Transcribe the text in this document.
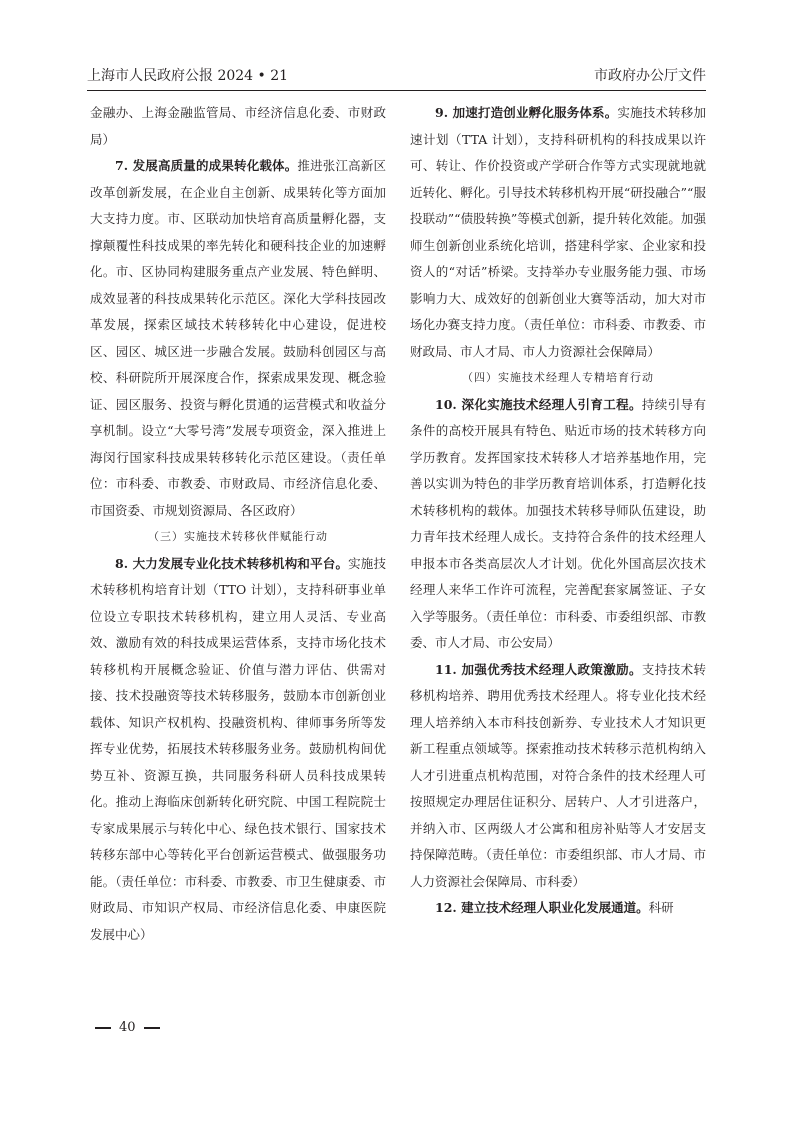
上海市人民政府公报 2024 • 21	市政府办公厅文件

金融办、上海金融监管局、市经济信息化委、市财政局）

7. 发展高质量的成果转化载体。推进张江高新区改革创新发展，在企业自主创新、成果转化等方面加大支持力度。市、区联动加快培育高质量孵化器，支撑颠覆性科技成果的率先转化和硬科技企业的加速孵化。市、区协同构建服务重点产业发展、特色鲜明、成效显著的科技成果转化示范区。深化大学科技园改革发展，探索区域技术转移转化中心建设，促进校区、园区、城区进一步融合发展。鼓励科创园区与高校、科研院所开展深度合作，探索成果发现、概念验证、园区服务、投资与孵化贯通的运营模式和收益分享机制。设立“大零号湾”发展专项资金，深入推进上海闵行国家科技成果转移转化示范区建设。（责任单位：市科委、市教委、市财政局、市经济信息化委、市国资委、市规划资源局、各区政府）

（三）实施技术转移伙伴赋能行动

8. 大力发展专业化技术转移机构和平台。实施技术转移机构培育计划（TTO 计划），支持科研事业单位设立专职技术转移机构，建立用人灵活、专业高效、激励有效的科技成果运营体系，支持市场化技术转移机构开展概念验证、价值与潜力评估、供需对接、技术投融资等技术转移服务，鼓励本市创新创业载体、知识产权机构、投融资机构、律师事务所等发挥专业优势，拓展技术转移服务业务。鼓励机构间优势互补、资源互换，共同服务科研人员科技成果转化。推动上海临床创新转化研究院、中国工程院院士专家成果展示与转化中心、绿色技术银行、国家技术转移东部中心等转化平台创新运营模式、做强服务功能。（责任单位：市科委、市教委、市卫生健康委、市财政局、市知识产权局、市经济信息化委、申康医院发展中心）

9. 加速打造创业孵化服务体系。实施技术转移加速计划（TTA 计划），支持科研机构的科技成果以许可、转让、作价投资或产学研合作等方式实现就地就近转化、孵化。引导技术转移机构开展“研投融合”“服投联动”“债股转换”等模式创新，提升转化效能。加强师生创新创业系统化培训，搭建科学家、企业家和投资人的“对话”桥梁。支持举办专业服务能力强、市场影响力大、成效好的创新创业大赛等活动，加大对市场化办赛支持力度。（责任单位：市科委、市教委、市财政局、市人才局、市人力资源社会保障局）

（四）实施技术经理人专精培育行动

10. 深化实施技术经理人引育工程。持续引导有条件的高校开展具有特色、贴近市场的技术转移方向学历教育。发挥国家技术转移人才培养基地作用，完善以实训为特色的非学历教育培训体系，打造孵化技术转移机构的载体。加强技术转移导师队伍建设，助力青年技术经理人成长。支持符合条件的技术经理人申报本市各类高层次人才计划。优化外国高层次技术经理人来华工作许可流程，完善配套家属签证、子女入学等服务。（责任单位：市科委、市委组织部、市教委、市人才局、市公安局）

11. 加强优秀技术经理人政策激励。支持技术转移机构培养、聘用优秀技术经理人。将专业化技术经理人培养纳入本市科技创新券、专业技术人才知识更新工程重点领域等。探索推动技术转移示范机构纳入人才引进重点机构范围，对符合条件的技术经理人可按照规定办理居住证积分、居转户、人才引进落户，并纳入市、区两级人才公寓和租房补贴等人才安居支持保障范畴。（责任单位：市委组织部、市人才局、市人力资源社会保障局、市科委）

12. 建立技术经理人职业化发展通道。科研

40
